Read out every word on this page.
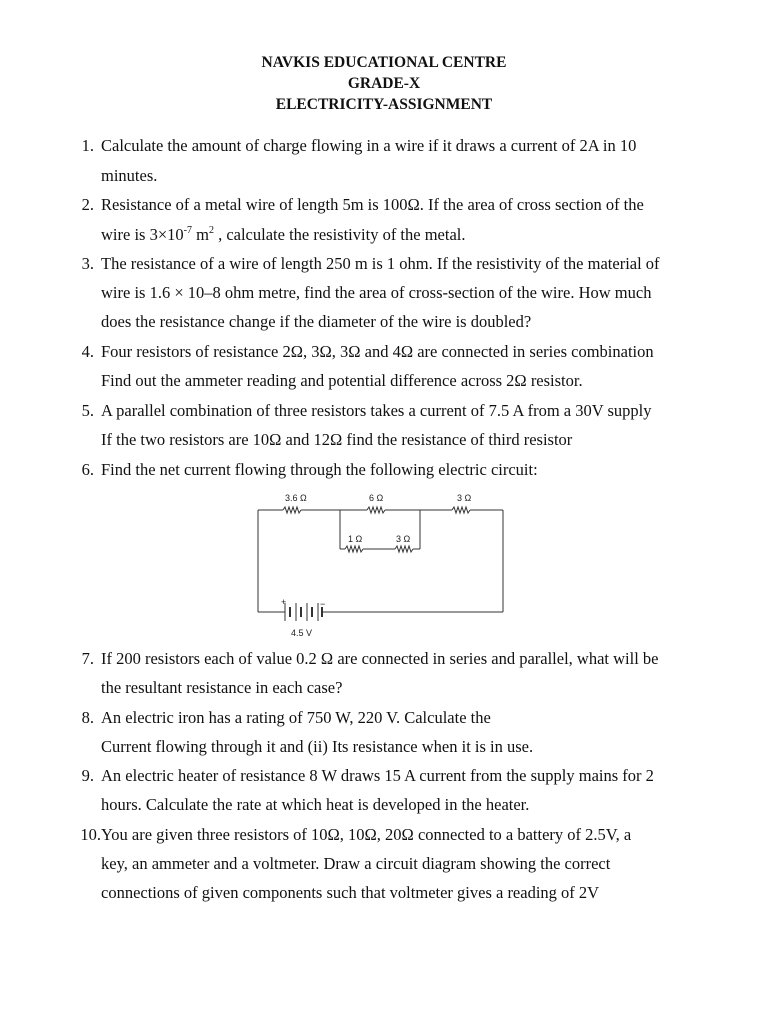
NAVKIS EDUCATIONAL CENTRE
GRADE-X
ELECTRICITY-ASSIGNMENT
1. Calculate the amount of charge flowing in a wire if it draws a current of 2A in 10
minutes.
2. Resistance of a metal wire of length 5m is 100Ω. If the area of cross section of the
wire is $3\times 10^{-7}$ $m^2$ , calculate the resistivity of the metal.
3. The resistance of a wire of length 250 m is 1 ohm. If the resistivity of the material of
wire is 1.6 × 10–8 ohm metre, find the area of cross-section of the wire. How much
does the resistance change if the diameter of the wire is doubled?
4. Four resistors of resistance 2Ω, 3Ω, 3Ω and 4Ω are connected in series combination
Find out the ammeter reading and potential difference across 2Ω resistor.
5. A parallel combination of three resistors takes a current of 7.5 A from a 30V supply
If the two resistors are 10Ω and 12Ω find the resistance of third resistor
6. Find the net current flowing through the following electric circuit:
+	−
3.6 Ω	6 Ω	3 Ω
1 Ω	3 Ω
4.5 V
7. If 200 resistors each of value 0.2 Ω are connected in series and parallel, what will be
the resultant resistance in each case?
8. An electric iron has a rating of 750 W, 220 V. Calculate the
Current flowing through it and (ii) Its resistance when it is in use.
9. An electric heater of resistance 8 W draws 15 A current from the supply mains for 2
hours. Calculate the rate at which heat is developed in the heater.
10. You are given three resistors of 10Ω, 10Ω, 20Ω connected to a battery of 2.5V, a
key, an ammeter and a voltmeter. Draw a circuit diagram showing the correct
connections of given components such that voltmeter gives a reading of 2V
